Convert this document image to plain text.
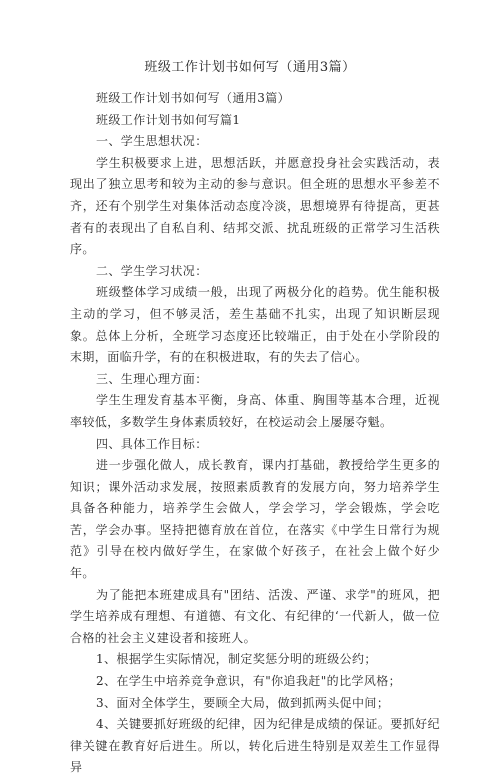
班级工作计划书如何写（通用3篇）

班级工作计划书如何写（通用3篇）

班级工作计划书如何写篇1

一、学生思想状况：

学生积极要求上进，思想活跃，并愿意投身社会实践活动，表现出了独立思考和较为主动的参与意识。但全班的思想水平参差不齐，还有个别学生对集体活动态度冷淡，思想境界有待提高，更甚者有的表现出了自私自利、结邦交派、扰乱班级的正常学习生活秩序。

二、学生学习状况：

班级整体学习成绩一般，出现了两极分化的趋势。优生能积极主动的学习，但不够灵活，差生基础不扎实，出现了知识断层现象。总体上分析，全班学习态度还比较端正，由于处在小学阶段的末期，面临升学，有的在积极进取，有的失去了信心。

三、生理心理方面：

学生生理发育基本平衡，身高、体重、胸围等基本合理，近视率较低，多数学生身体素质较好，在校运动会上屡屡夺魁。

四、具体工作目标：

进一步强化做人，成长教育，课内打基础，教授给学生更多的知识；课外活动求发展，按照素质教育的发展方向，努力培养学生具备各种能力，培养学生会做人，学会学习，学会锻炼，学会吃苦，学会办事。坚持把德育放在首位，在落实《中学生日常行为规范》引导在校内做好学生，在家做个好孩子，在社会上做个好少年。

为了能把本班建成具有"团结、活泼、严谨、求学"的班风，把学生培养成有理想、有道德、有文化、有纪律的‘一代新人，做一位合格的社会主义建设者和接班人。

1、根据学生实际情况，制定奖惩分明的班级公约；

2、在学生中培养竞争意识，有"你追我赶"的比学风格；

3、面对全体学生，要顾全大局，做到抓两头促中间；

4、关键要抓好班级的纪律，因为纪律是成绩的保证。要抓好纪律关键在教育好后进生。所以，转化后进生特别是双差生工作显得异
